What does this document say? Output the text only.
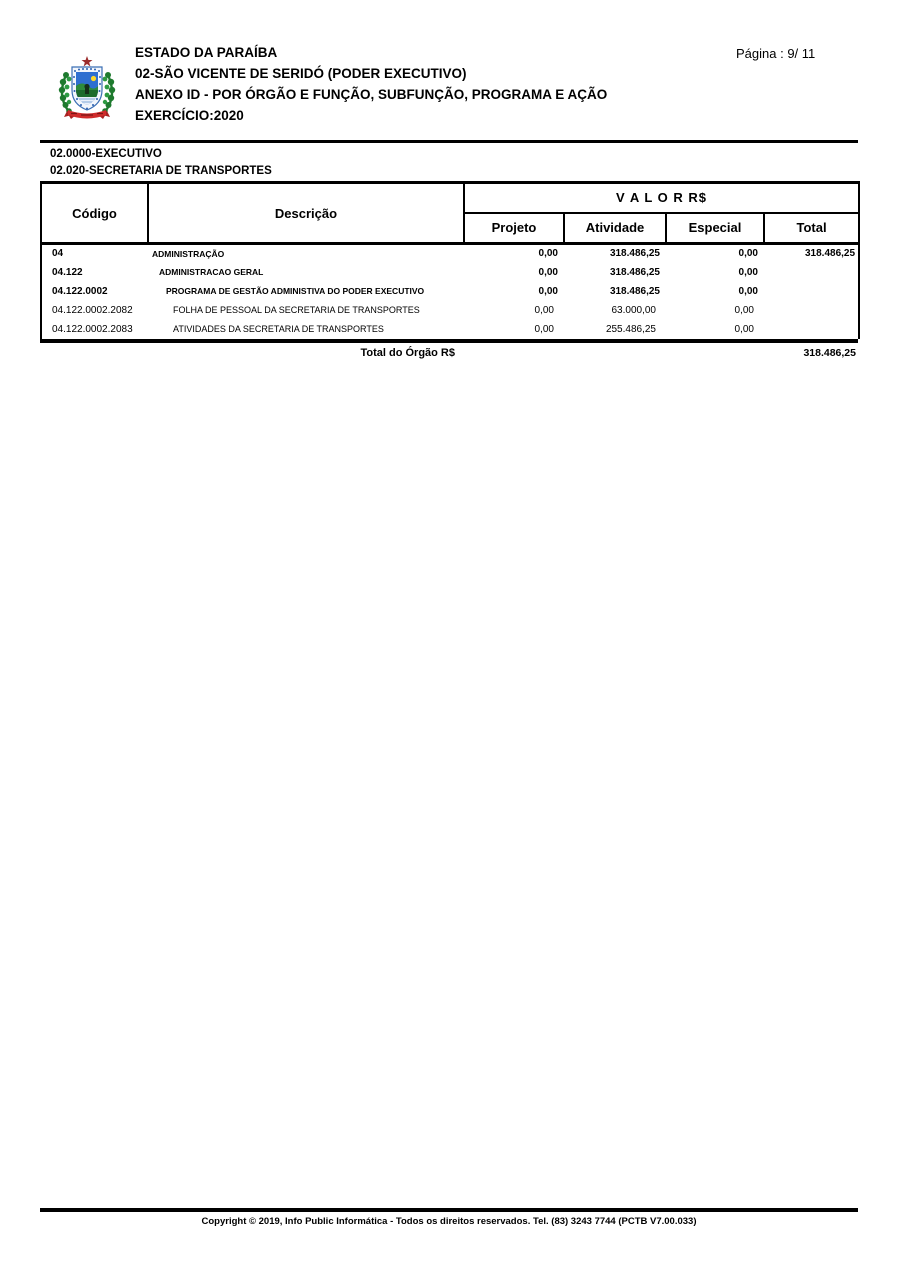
ESTADO DA PARAÍBA
02-SÃO VICENTE DE SERIDÓ (PODER EXECUTIVO)
ANEXO ID - POR ÓRGÃO E FUNÇÃO, SUBFUNÇÃO, PROGRAMA E AÇÃO
EXERCÍCIO:2020
Página : 9/ 11
02.0000-EXECUTIVO
02.020-SECRETARIA DE TRANSPORTES
Código	Descrição	V A L O R R$			
		Projeto	Atividade	Especial	Total
04	ADMINISTRAÇÃO	0,00	318.486,25	0,00	318.486,25
04.122	ADMINISTRACAO GERAL	0,00	318.486,25	0,00	
04.122.0002	PROGRAMA DE GESTÃO ADMINISTIVA DO PODER EXECUTIVO	0,00	318.486,25	0,00	
04.122.0002.2082	FOLHA DE PESSOAL DA SECRETARIA DE TRANSPORTES	0,00	63.000,00	0,00	
04.122.0002.2083	ATIVIDADES DA SECRETARIA DE TRANSPORTES	0,00	255.486,25	0,00	
Total do Órgão R$	318.486,25
Copyright © 2019, Info Public Informática - Todos os direitos reservados. Tel. (83) 3243 7744 (PCTB V7.00.033)
